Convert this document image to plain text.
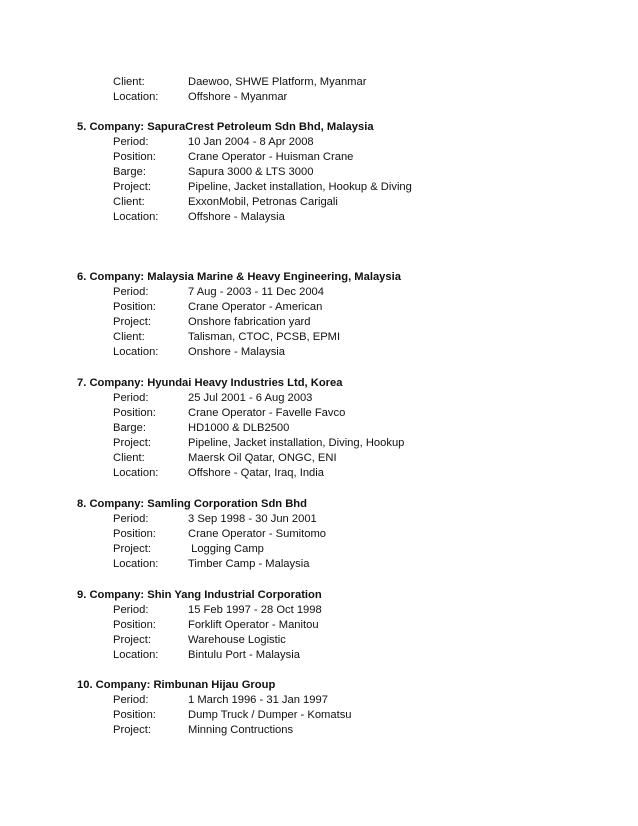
Client:	Daewoo, SHWE Platform, Myanmar
Location:	Offshore - Myanmar
5. Company: SapuraCrest Petroleum Sdn Bhd, Malaysia
Period:	10 Jan 2004 - 8 Apr 2008
Position:	Crane Operator - Huisman Crane
Barge:	Sapura 3000 & LTS 3000
Project:	Pipeline, Jacket installation, Hookup & Diving
Client:	ExxonMobil, Petronas Carigali
Location:	Offshore - Malaysia
6. Company: Malaysia Marine & Heavy Engineering, Malaysia
Period:	7 Aug - 2003 - 11 Dec 2004
Position:	Crane Operator - American
Project:	Onshore fabrication yard
Client:	Talisman, CTOC, PCSB, EPMI
Location:	Onshore - Malaysia
7. Company: Hyundai Heavy Industries Ltd, Korea
Period:	25 Jul 2001 - 6 Aug 2003
Position:	Crane Operator - Favelle Favco
Barge:	HD1000 & DLB2500
Project:	Pipeline, Jacket installation, Diving, Hookup
Client:	Maersk Oil Qatar, ONGC, ENI
Location:	Offshore - Qatar, Iraq, India
8. Company: Samling Corporation Sdn Bhd
Period:	3 Sep 1998 - 30 Jun 2001
Position:	Crane Operator - Sumitomo
Project:	Logging Camp
Location:	Timber Camp - Malaysia
9. Company: Shin Yang Industrial Corporation
Period:	15 Feb 1997 - 28 Oct 1998
Position:	Forklift Operator - Manitou
Project:	Warehouse Logistic
Location:	Bintulu Port - Malaysia
10. Company: Rimbunan Hijau Group
Period:	1 March 1996 - 31 Jan 1997
Position:	Dump Truck / Dumper - Komatsu
Project:	Minning Contructions
